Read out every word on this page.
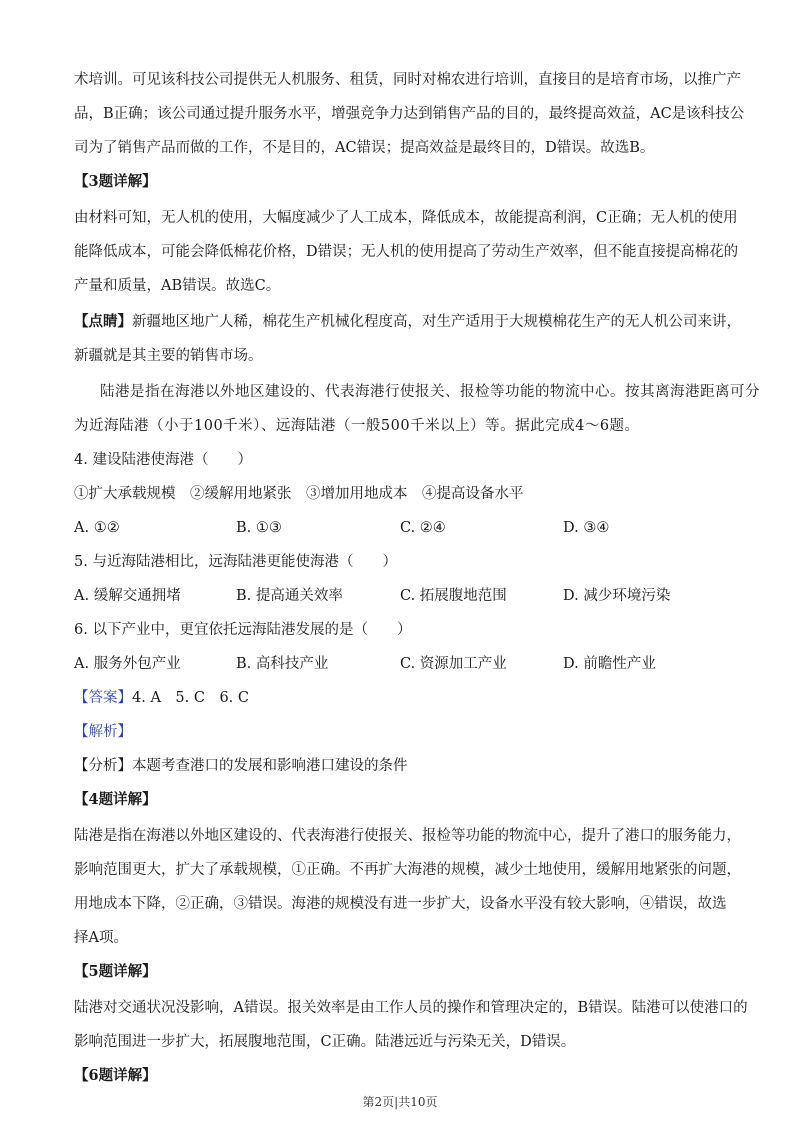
术培训。可见该科技公司提供无人机服务、租赁，同时对棉农进行培训，直接目的是培育市场，以推广产
品，B正确；该公司通过提升服务水平，增强竞争力达到销售产品的目的，最终提高效益，AC是该科技公
司为了销售产品而做的工作，不是目的，AC错误；提高效益是最终目的，D错误。故选B。
【3题详解】
由材料可知，无人机的使用，大幅度减少了人工成本，降低成本，故能提高利润，C正确；无人机的使用
能降低成本，可能会降低棉花价格，D错误；无人机的使用提高了劳动生产效率，但不能直接提高棉花的
产量和质量，AB错误。故选C。
【点睛】新疆地区地广人稀，棉花生产机械化程度高，对生产适用于大规模棉花生产的无人机公司来讲，
新疆就是其主要的销售市场。
陆港是指在海港以外地区建设的、代表海港行使报关、报检等功能的物流中心。按其离海港距离可分
为近海陆港（小于100千米）、远海陆港（一般500千米以上）等。据此完成4～6题。
4. 建设陆港使海港（　　）
①扩大承载规模　②缓解用地紧张　③增加用地成本　④提高设备水平
A. ①②	B. ①③	C. ②④	D. ③④
5. 与近海陆港相比，远海陆港更能使海港（　　）
A. 缓解交通拥堵	B. 提高通关效率	C. 拓展腹地范围	D. 减少环境污染
6. 以下产业中，更宜依托远海陆港发展的是（　　）
A. 服务外包产业	B. 高科技产业	C. 资源加工产业	D. 前瞻性产业
【答案】4. A　5. C　6. C
【解析】
【分析】本题考查港口的发展和影响港口建设的条件
【4题详解】
陆港是指在海港以外地区建设的、代表海港行使报关、报检等功能的物流中心，提升了港口的服务能力，
影响范围更大，扩大了承载规模，①正确。不再扩大海港的规模，减少土地使用，缓解用地紧张的问题，
用地成本下降，②正确，③错误。海港的规模没有进一步扩大，设备水平没有较大影响，④错误，故选
择A项。
【5题详解】
陆港对交通状况没影响，A错误。报关效率是由工作人员的操作和管理决定的，B错误。陆港可以使港口的
影响范围进一步扩大，拓展腹地范围，C正确。陆港远近与污染无关，D错误。
【6题详解】
第2页|共10页
